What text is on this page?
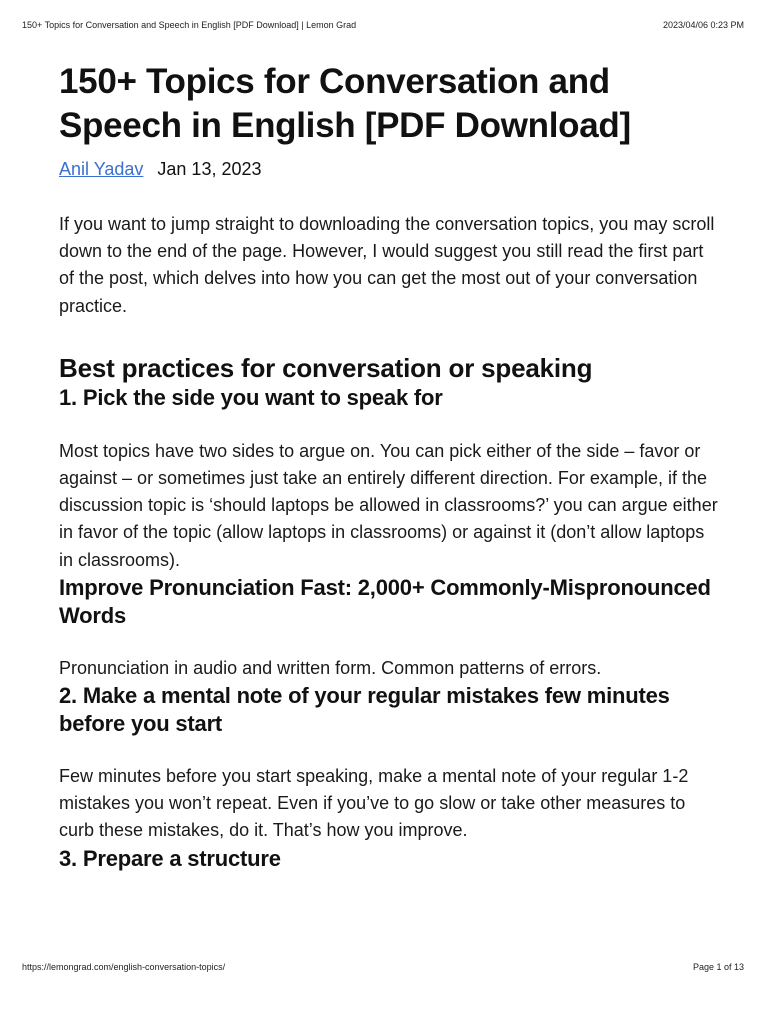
150+ Topics for Conversation and Speech in English [PDF Download] | Lemon Grad	2023/04/06 0:23 PM
150+ Topics for Conversation and Speech in English [PDF Download]
Anil Yadav Jan 13, 2023

If you want to jump straight to downloading the conversation topics, you may scroll down to the end of the page. However, I would suggest you still read the first part of the post, which delves into how you can get the most out of your conversation practice.

Best practices for conversation or speaking
1. Pick the side you want to speak for

Most topics have two sides to argue on. You can pick either of the side – favor or against – or sometimes just take an entirely different direction. For example, if the discussion topic is ‘should laptops be allowed in classrooms?’ you can argue either in favor of the topic (allow laptops in classrooms) or against it (don’t allow laptops in classrooms).

Improve Pronunciation Fast: 2,000+ Commonly-Mispronounced Words

Pronunciation in audio and written form. Common patterns of errors.

2. Make a mental note of your regular mistakes few minutes before you start

Few minutes before you start speaking, make a mental note of your regular 1-2 mistakes you won’t repeat. Even if you’ve to go slow or take other measures to curb these mistakes, do it. That’s how you improve.

3. Prepare a structure
https://lemongrad.com/english-conversation-topics/	Page 1 of 13
